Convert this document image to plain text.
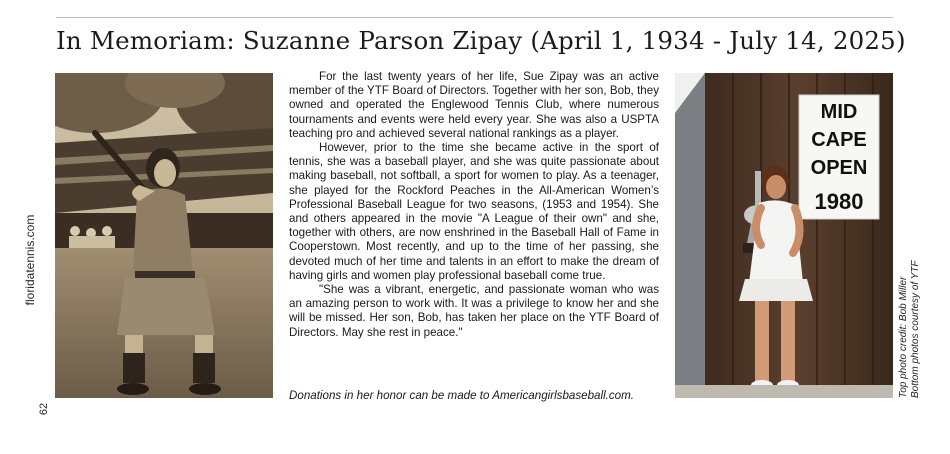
In Memoriam: Suzanne Parson Zipay (April 1, 1934 - July 14, 2025)
floridatennis.com
62

For the last twenty years of her life, Sue Zipay was an active member of the YTF Board of Directors. Together with her son, Bob, they owned and operated the Englewood Tennis Club, where numerous tournaments and events were held every year. She was also a USPTA teaching pro and achieved several national rankings as a player.

However, prior to the time she became active in the sport of tennis, she was a baseball player, and she was quite passionate about making baseball, not softball, a sport for women to play. As a teenager, she played for the Rockford Peaches in the All-American Women’s Professional Baseball League for two seasons, (1953 and 1954). She and others appeared in the movie "A League of their own" and she, together with others, are now enshrined in the Baseball Hall of Fame in Cooperstown. Most recently, and up to the time of her passing, she devoted much of her time and talents in an effort to make the dream of having girls and women play professional baseball come true.

"She was a vibrant, energetic, and passionate woman who was an amazing person to work with. It was a privilege to know her and she will be missed. Her son, Bob, has taken her place on the YTF Board of Directors. May she rest in peace."

Donations in her honor can be made to Americangirlsbaseball.com.
MID
CAPE
OPEN
1980
Top photo credit: Bob Miller Bottom photos courtesy of YTF
